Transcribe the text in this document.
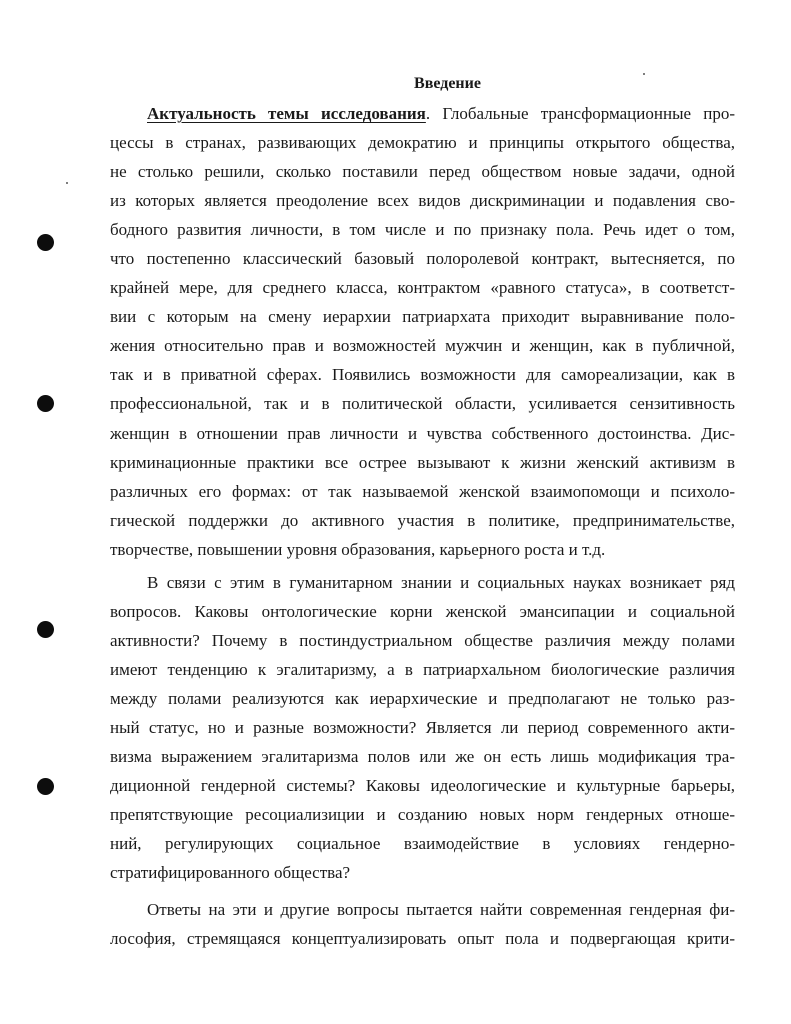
Введение
Актуальность темы исследования. Глобальные трансформационные про-
цессы в странах, развивающих демократию и принципы открытого общества,
не столько решили, сколько поставили перед обществом новые задачи, одной
из которых является преодоление всех видов дискриминации и подавления сво-
бодного развития личности, в том числе и по признаку пола. Речь идет о том,
что постепенно классический базовый полоролевой контракт, вытесняется, по
крайней мере, для среднего класса, контрактом «равного статуса», в соответст-
вии с которым на смену иерархии патриархата приходит выравнивание поло-
жения относительно прав и возможностей мужчин и женщин, как в публичной,
так и в приватной сферах. Появились возможности для самореализации, как в
профессиональной, так и в политической области, усиливается сензитивность
женщин в отношении прав личности и чувства собственного достоинства. Дис-
криминационные практики все острее вызывают к жизни женский активизм в
различных его формах: от так называемой женской взаимопомощи и психоло-
гической поддержки до активного участия в политике, предпринимательстве,
творчестве, повышении уровня образования, карьерного роста и т.д.
В связи с этим в гуманитарном знании и социальных науках возникает ряд
вопросов. Каковы онтологические корни женской эмансипации и социальной
активности? Почему в постиндустриальном обществе различия между полами
имеют тенденцию к эгалитаризму, а в патриархальном биологические различия
между полами реализуются как иерархические и предполагают не только раз-
ный статус, но и разные возможности? Является ли период современного акти-
визма выражением эгалитаризма полов или же он есть лишь модификация тра-
диционной гендерной системы? Каковы идеологические и культурные барьеры,
препятствующие ресоциализиции и созданию новых норм гендерных отноше-
ний, регулирующих социальное взаимодействие в условиях гендерно-
стратифицированного общества?
Ответы на эти и другие вопросы пытается найти современная гендерная фи-
лософия, стремящаяся концептуализировать опыт пола и подвергающая крити-
